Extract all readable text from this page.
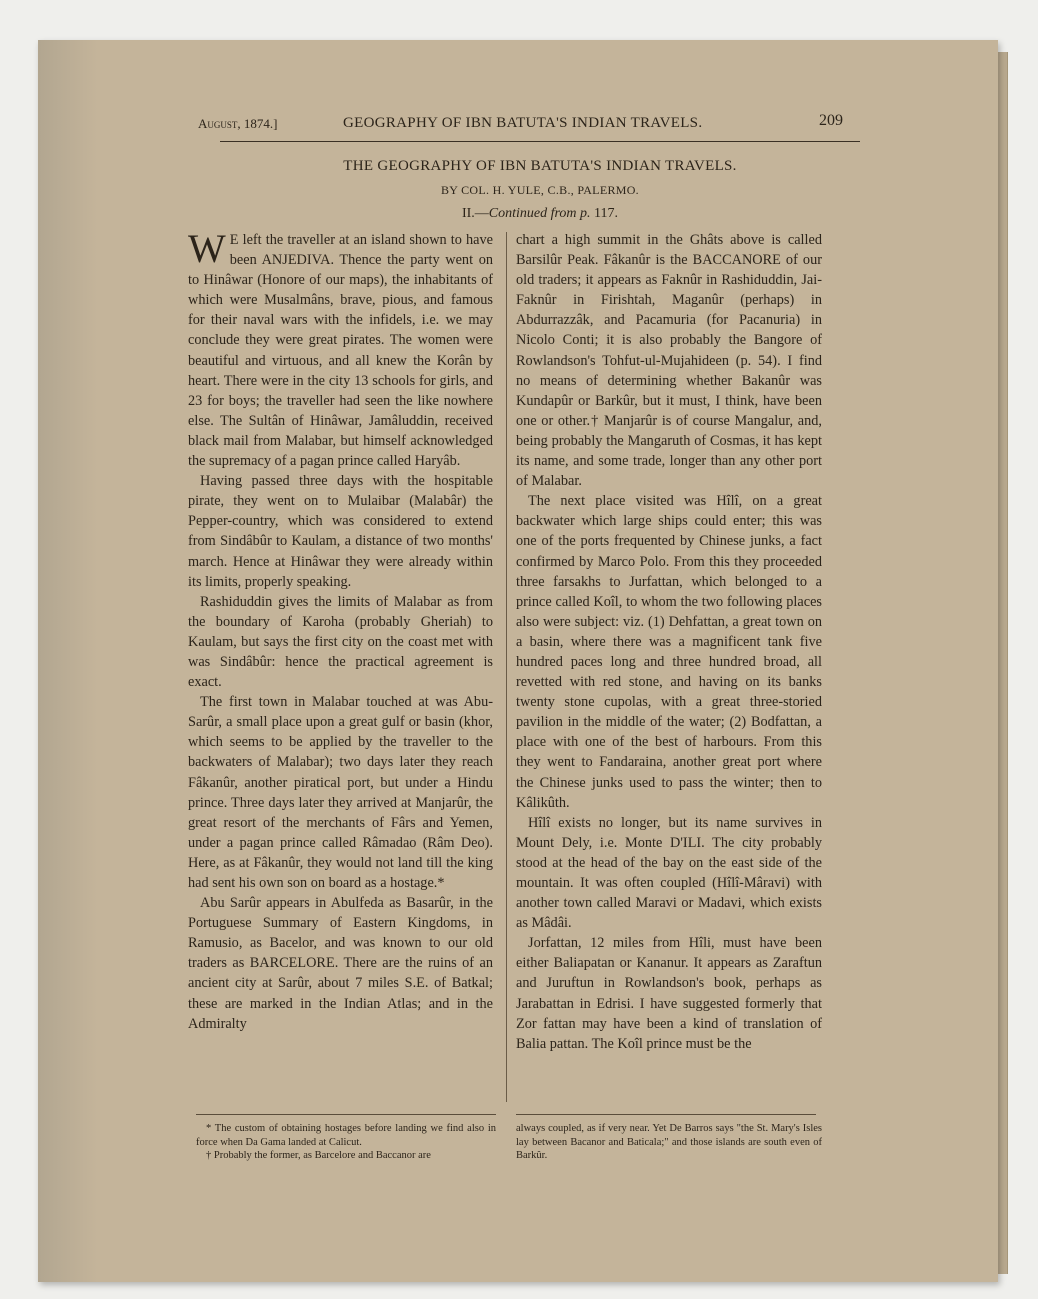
August, 1874.]	GEOGRAPHY OF IBN BATUTA'S INDIAN TRAVELS.	209
THE GEOGRAPHY OF IBN BATUTA'S INDIAN TRAVELS.
BY COL. H. YULE, C.B., PALERMO.
II.—Continued from p. 117.

W E left the traveller at an island shown to have been ANJEDIVA. Thence the party went on to Hinâwar (Honore of our maps), the inhabitants of which were Musalmâns, brave, pious, and famous for their naval wars with the infidels, i.e. we may conclude they were great pirates. The women were beautiful and virtuous, and all knew the Korân by heart. There were in the city 13 schools for girls, and 23 for boys; the traveller had seen the like nowhere else. The Sultân of Hinâwar, Jamâluddin, received black mail from Malabar, but himself acknowledged the supremacy of a pagan prince called Haryâb.

Having passed three days with the hospitable pirate, they went on to Mulaibar (Malabâr) the Pepper-country, which was considered to extend from Sindâbûr to Kaulam, a distance of two months' march. Hence at Hinâwar they were already within its limits, properly speaking.

Rashiduddin gives the limits of Malabar as from the boundary of Karoha (probably Gheriah) to Kaulam, but says the first city on the coast met with was Sindâbûr: hence the practical agreement is exact.

The first town in Malabar touched at was Abu-Sarûr, a small place upon a great gulf or basin (khor, which seems to be applied by the traveller to the backwaters of Malabar); two days later they reach Fâkanûr, another piratical port, but under a Hindu prince. Three days later they arrived at Manjarûr, the great resort of the merchants of Fârs and Yemen, under a pagan prince called Râmadao (Râm Deo). Here, as at Fâkanûr, they would not land till the king had sent his own son on board as a hostage.*

Abu Sarûr appears in Abulfeda as Basarûr, in the Portuguese Summary of Eastern Kingdoms, in Ramusio, as Bacelor, and was known to our old traders as BARCELORE. There are the ruins of an ancient city at Sarûr, about 7 miles S.E. of Batkal; these are marked in the Indian Atlas; and in the Admiralty

chart a high summit in the Ghâts above is called Barsilûr Peak. Fâkanûr is the BACCANORE of our old traders; it appears as Faknûr in Rashiduddin, Jai-Faknûr in Firishtah, Maganûr (perhaps) in Abdurrazzâk, and Pacamuria (for Pacanuria) in Nicolo Conti; it is also probably the Bangore of Rowlandson's Tohfut-ul-Mujahideen (p. 54). I find no means of determining whether Bakanûr was Kundapûr or Barkûr, but it must, I think, have been one or other.† Manjarûr is of course Mangalur, and, being probably the Mangaruth of Cosmas, it has kept its name, and some trade, longer than any other port of Malabar.

The next place visited was Hîlî, on a great backwater which large ships could enter; this was one of the ports frequented by Chinese junks, a fact confirmed by Marco Polo. From this they proceeded three farsakhs to Jurfattan, which belonged to a prince called Koîl, to whom the two following places also were subject: viz. (1) Dehfattan, a great town on a basin, where there was a magnificent tank five hundred paces long and three hundred broad, all revetted with red stone, and having on its banks twenty stone cupolas, with a great three-storied pavilion in the middle of the water; (2) Bodfattan, a place with one of the best of harbours. From this they went to Fandaraina, another great port where the Chinese junks used to pass the winter; then to Kâlikûth.

Hîlî exists no longer, but its name survives in Mount Dely, i.e. Monte D'ILI. The city probably stood at the head of the bay on the east side of the mountain. It was often coupled (Hîlî-Mâravi) with another town called Maravi or Madavi, which exists as Mâdâi.

Jorfattan, 12 miles from Hîli, must have been either Baliapatan or Kananur. It appears as Zaraftun and Juruftun in Rowlandson's book, perhaps as Jarabattan in Edrisi. I have suggested formerly that Zor fattan may have been a kind of translation of Balia pattan. The Koîl prince must be the

* The custom of obtaining hostages before landing we find also in force when Da Gama landed at Calicut.

† Probably the former, as Barcelore and Baccanor are

always coupled, as if very near. Yet De Barros says "the St. Mary's Isles lay between Bacanor and Baticala;" and those islands are south even of Barkûr.
